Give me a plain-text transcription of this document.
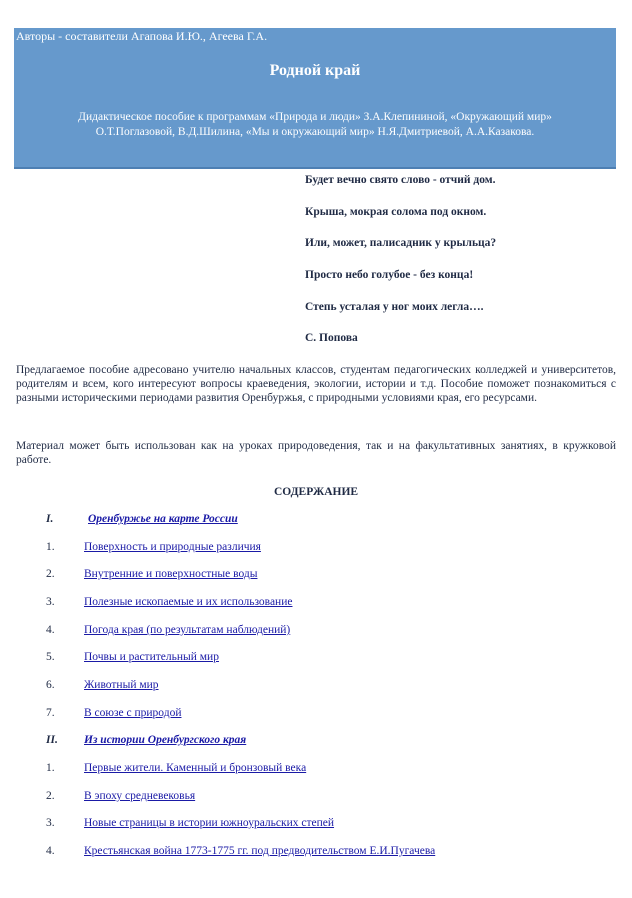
Авторы - составители Агапова И.Ю., Агеева Г.А.
Родной край
Дидактическое пособие к программам «Природа и люди» З.А.Клепининой, «Окружающий мир»
О.Т.Поглазовой, В.Д.Шилина, «Мы и окружающий мир» Н.Я.Дмитриевой, А.А.Казакова.
Будет вечно свято слово - отчий дом.
Крыша, мокрая солома под окном.
Или, может, палисадник у крыльца?
Просто небо голубое - без конца!
Степь усталая у ног моих легла….
С. Попова
Предлагаемое пособие адресовано учителю начальных классов, студентам педагогических колледжей и университетов, родителям и всем, кого интересуют вопросы краеведения, экологии, истории и т.д. Пособие поможет познакомиться с разными историческими периодами развития Оренбуржья, с природными условиями края, его ресурсами.
Материал может быть использован как на уроках природоведения, так и на факультативных занятиях, в кружковой работе.
СОДЕРЖАНИЕ
I.	Оренбуржье на карте России
1.	Поверхность и природные различия
2.	Внутренние и поверхностные воды
3.	Полезные ископаемые и их использование
4.	Погода края (по результатам наблюдений)
5.	Почвы и растительный мир
6.	Животный мир
7.	В союзе с природой
II. Из истории Оренбургского края
1.	Первые жители. Каменный и бронзовый века
2.	В эпоху средневековья
3.	Новые страницы в истории южноуральских степей
4.	Крестьянская война 1773-1775 гг. под предводительством Е.И.Пугачева
